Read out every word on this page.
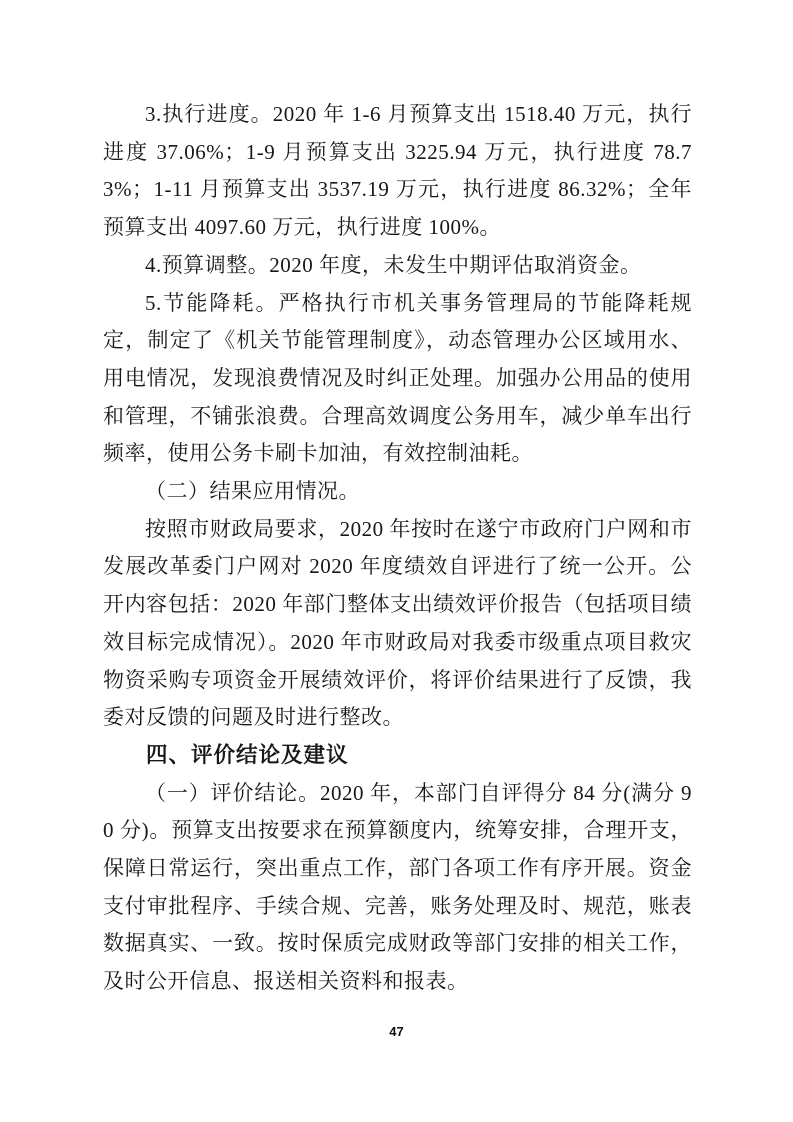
3.执行进度。2020 年 1-6 月预算支出 1518.40 万元，执行进度 37.06%；1-9 月预算支出 3225.94 万元，执行进度 78.73%；1-11 月预算支出 3537.19 万元，执行进度 86.32%；全年预算支出 4097.60 万元，执行进度 100%。

4.预算调整。2020 年度，未发生中期评估取消资金。

5.节能降耗。严格执行市机关事务管理局的节能降耗规定，制定了《机关节能管理制度》，动态管理办公区域用水、用电情况，发现浪费情况及时纠正处理。加强办公用品的使用和管理，不铺张浪费。合理高效调度公务用车，减少单车出行频率，使用公务卡刷卡加油，有效控制油耗。

（二）结果应用情况。

按照市财政局要求，2020 年按时在遂宁市政府门户网和市发展改革委门户网对 2020 年度绩效自评进行了统一公开。公开内容包括：2020 年部门整体支出绩效评价报告（包括项目绩效目标完成情况）。2020 年市财政局对我委市级重点项目救灾物资采购专项资金开展绩效评价，将评价结果进行了反馈，我委对反馈的问题及时进行整改。

四、评价结论及建议

（一）评价结论。2020 年，本部门自评得分 84 分(满分 90 分)。预算支出按要求在预算额度内，统筹安排，合理开支，保障日常运行，突出重点工作，部门各项工作有序开展。资金支付审批程序、手续合规、完善，账务处理及时、规范，账表数据真实、一致。按时保质完成财政等部门安排的相关工作，及时公开信息、报送相关资料和报表。

47
